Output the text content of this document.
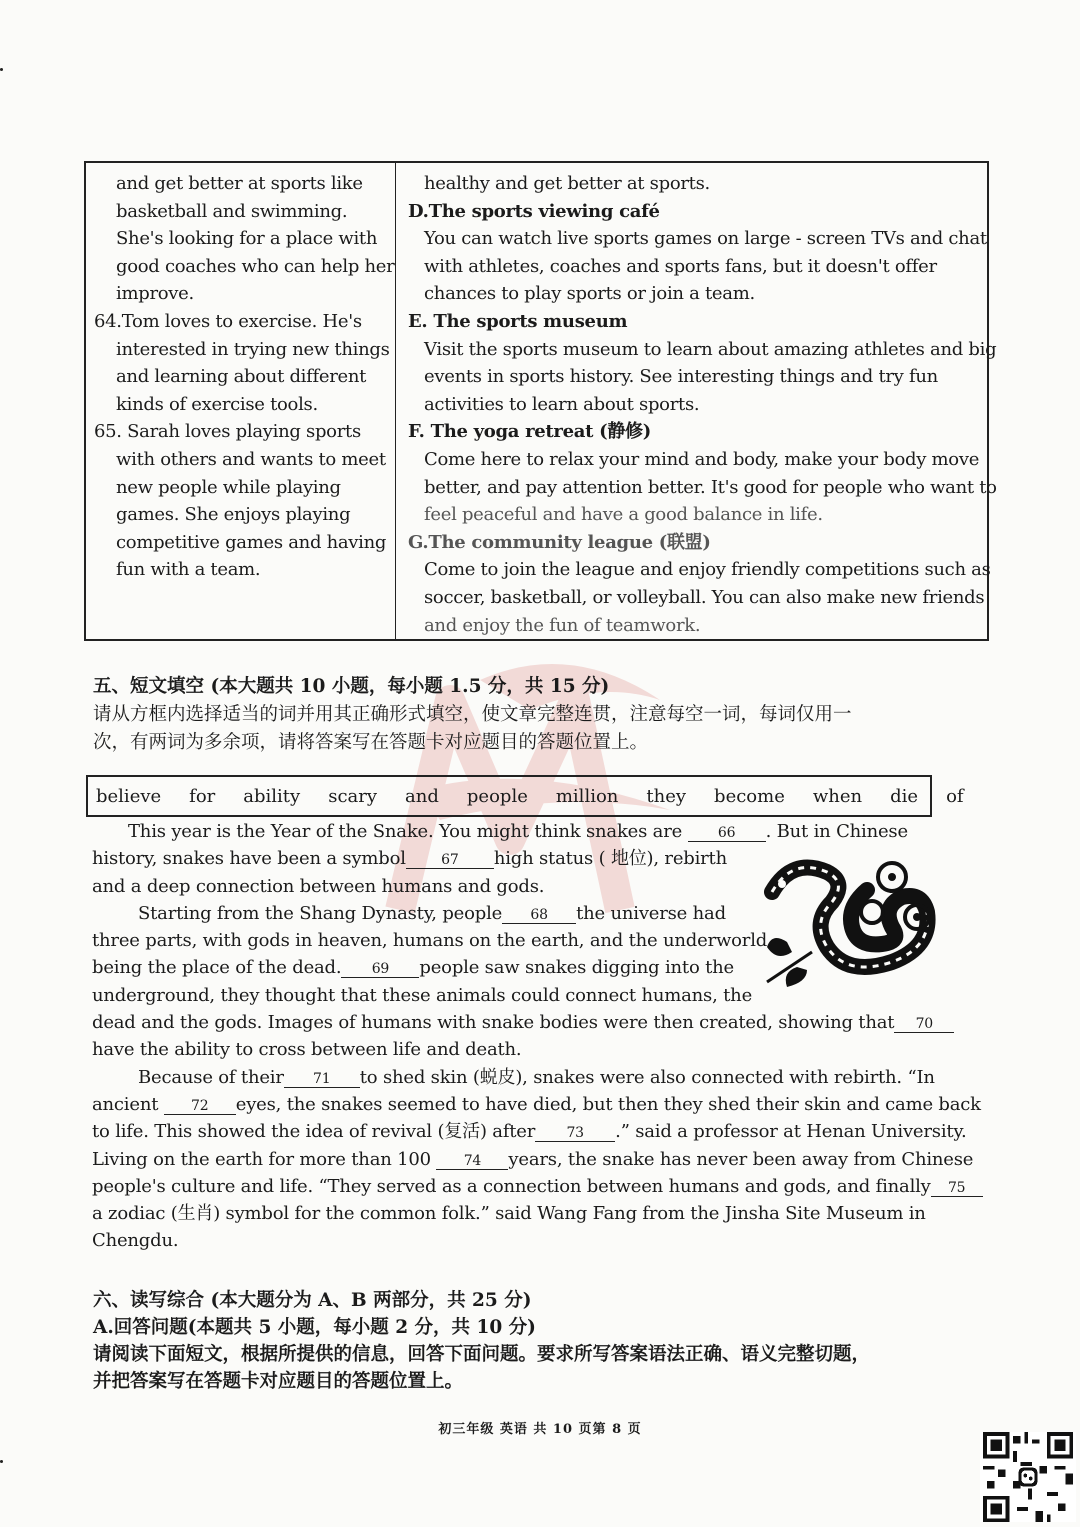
and get better at sports like
basketball and swimming.
She's looking for a place with
good coaches who can help her
improve.
64.Tom loves to exercise. He's
interested in trying new things
and learning about different
kinds of exercise tools.
65. Sarah loves playing sports
with others and wants to meet
new people while playing
games. She enjoys playing
competitive games and having
fun with a team.
healthy and get better at sports.
D.The sports viewing café
You can watch live sports games on large - screen TVs and chat
with athletes, coaches and sports fans, but it doesn't offer
chances to play sports or join a team.
E. The sports museum
Visit the sports museum to learn about amazing athletes and big
events in sports history. See interesting things and try fun
activities to learn about sports.
F. The yoga retreat (静修)
Come here to relax your mind and body, make your body move
better, and pay attention better. It's good for people who want to
feel peaceful and have a good balance in life.
G.The community league (联盟)
Come to join the league and enjoy friendly competitions such as
soccer, basketball, or volleyball. You can also make new friends
and enjoy the fun of teamwork.
五、短文填空 (本大题共 10 小题，每小题 1.5 分，共 15 分)
请从方框内选择适当的词并用其正确形式填空，使文章完整连贯，注意每空一词，每词仅用一
次，有两词为多余项，请将答案写在答题卡对应题目的答题位置上。
believe for ability scary and people million they become when die of
This year is the Year of the Snake. You might think snakes are 66 . But in Chinese
history, snakes have been a symbol	67 high status ( 地位), rebirth
and a deep connection between humans and gods.
Starting from the Shang Dynasty, people 68 the universe had
three parts, with gods in heaven, humans on the earth, and the underworld
being the place of the dead. 69 people saw snakes digging into the
underground, they thought that these animals could connect humans, the
dead and the gods. Images of humans with snake bodies were then created, showing that 70
have the ability to cross between life and death.
Because of their 71 to shed skin (蜕皮), snakes were also connected with rebirth. “In
ancient 72 eyes, the snakes seemed to have died, but then they shed their skin and came back
to life. This showed the idea of revival (复活) after 73 .” said a professor at Henan University.
Living on the earth for more than 100 74 years, the snake has never been away from Chinese
people's culture and life. “They served as a connection between humans and gods, and finally 75
a zodiac (生肖) symbol for the common folk.” said Wang Fang from the Jinsha Site Museum in
Chengdu.
六、读写综合 (本大题分为 A、B 两部分，共 25 分)
A.回答问题(本题共 5 小题，每小题 2 分，共 10 分)
请阅读下面短文，根据所提供的信息，回答下面问题。要求所写答案语法正确、语义完整切题，
并把答案写在答题卡对应题目的答题位置上。
初三年级 英语 共 10 页第 8 页
